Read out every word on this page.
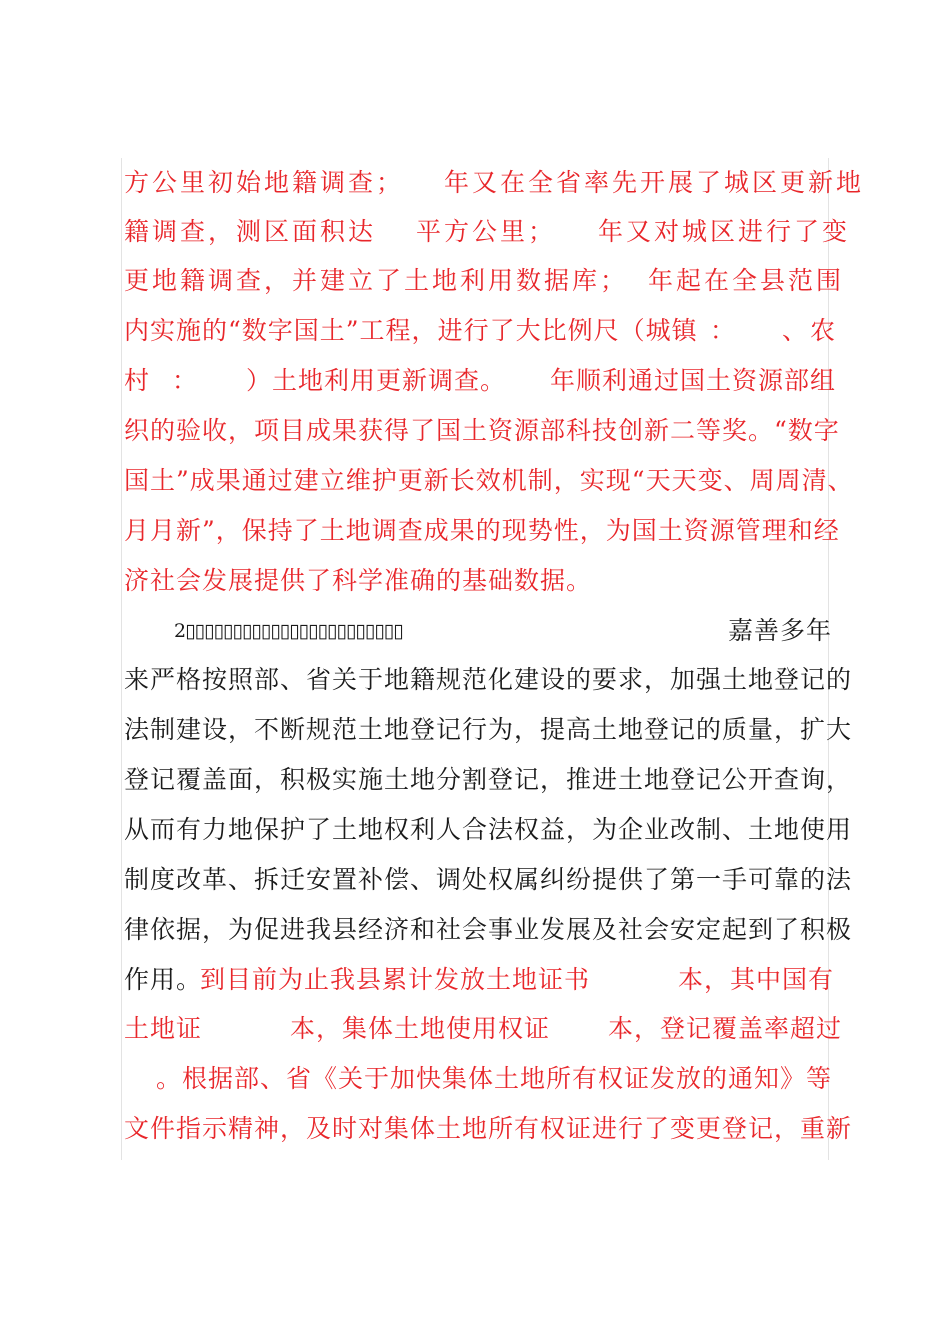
方公里初始地籍调查； 年又在全省率先开展了城区更新地
籍调查，测区面积达 平方公里； 年又对城区进行了变
更地籍调查，并建立了土地利用数据库； 年起在全县范围
内实施的“数字国土”工程，进行了大比例尺（城镇 ： 、农
村 ： ）土地利用更新调查。 年顺利通过国土资源部组
织的验收，项目成果获得了国土资源部科技创新二等奖。“数字
国土”成果通过建立维护更新长效机制，实现“天天变、周周清、
月月新”，保持了土地调查成果的现势性，为国土资源管理和经
济社会发展提供了科学准确的基础数据。
2▯▯▯▯▯▯▯▯▯▯▯▯▯▯▯▯▯▯▯▯▯▯▯	嘉善多年
来严格按照部、省关于地籍规范化建设的要求，加强土地登记的
法制建设，不断规范土地登记行为，提高土地登记的质量，扩大
登记覆盖面，积极实施土地分割登记，推进土地登记公开查询，
从而有力地保护了土地权利人合法权益，为企业改制、土地使用
制度改革、拆迁安置补偿、调处权属纠纷提供了第一手可靠的法
律依据，为促进我县经济和社会事业发展及社会安定起到了积极
作用。
到目前为止我县累计发放土地证书	本，其中国有
土地证	本，集体土地使用权证 本，登记覆盖率超过
。根据部、省《关于加快集体土地所有权证发放的通知》等
文件指示精神，及时对集体土地所有权证进行了变更登记，重新
